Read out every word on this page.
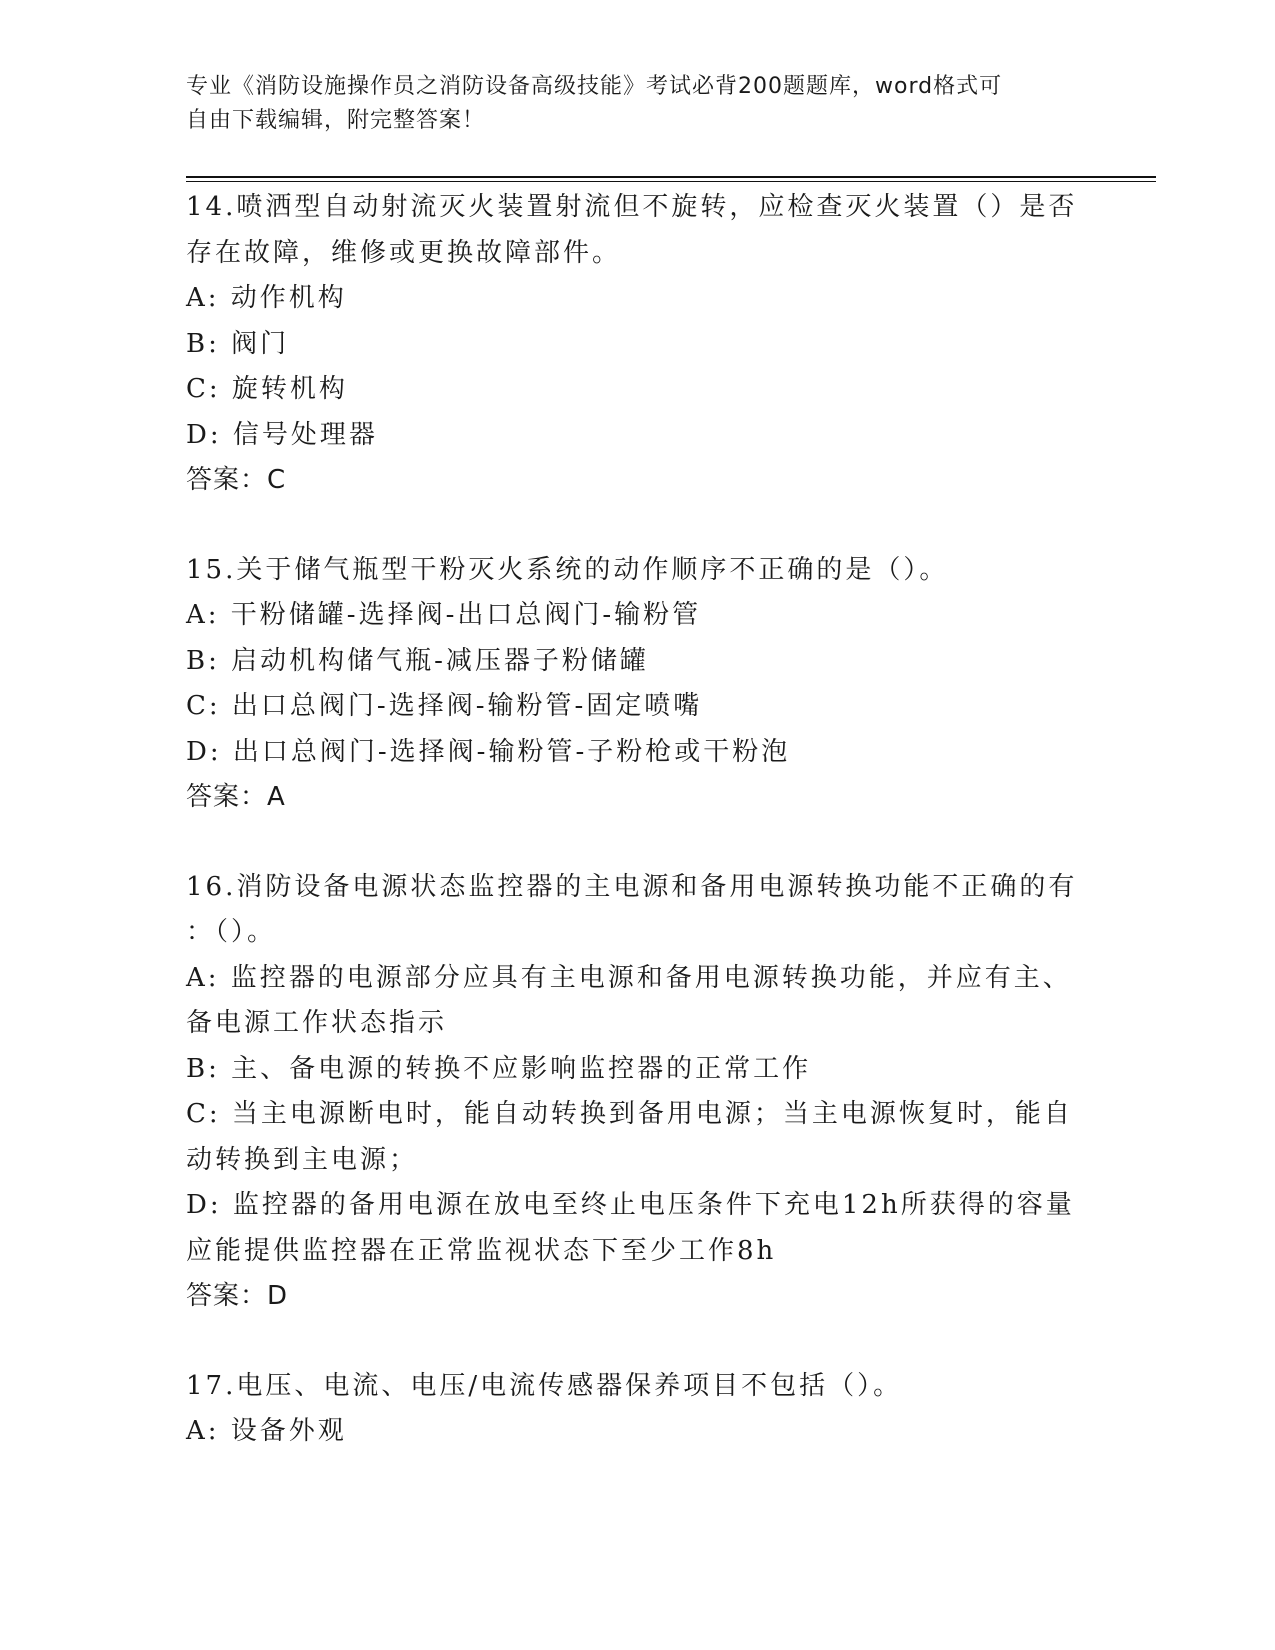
专业《消防设施操作员之消防设备高级技能》考试必背200题题库，word格式可
自由下载编辑，附完整答案！
14.喷洒型自动射流灭火装置射流但不旋转，应检查灭火装置（）是否
存在故障，维修或更换故障部件。
A: 动作机构
B: 阀门
C: 旋转机构
D: 信号处理器
答案：C
15.关于储气瓶型干粉灭火系统的动作顺序不正确的是（）。
A: 干粉储罐-选择阀-出口总阀门-输粉管
B: 启动机构储气瓶-减压器子粉储罐
C: 出口总阀门-选择阀-输粉管-固定喷嘴
D: 出口总阀门-选择阀-输粉管-子粉枪或干粉泡
答案：A
16.消防设备电源状态监控器的主电源和备用电源转换功能不正确的有
：（）。
A: 监控器的电源部分应具有主电源和备用电源转换功能，并应有主、
备电源工作状态指示
B: 主、备电源的转换不应影响监控器的正常工作
C: 当主电源断电时，能自动转换到备用电源；当主电源恢复时，能自
动转换到主电源；
D: 监控器的备用电源在放电至终止电压条件下充电12h所获得的容量
应能提供监控器在正常监视状态下至少工作8h
答案：D
17.电压、电流、电压/电流传感器保养项目不包括（）。
A: 设备外观
